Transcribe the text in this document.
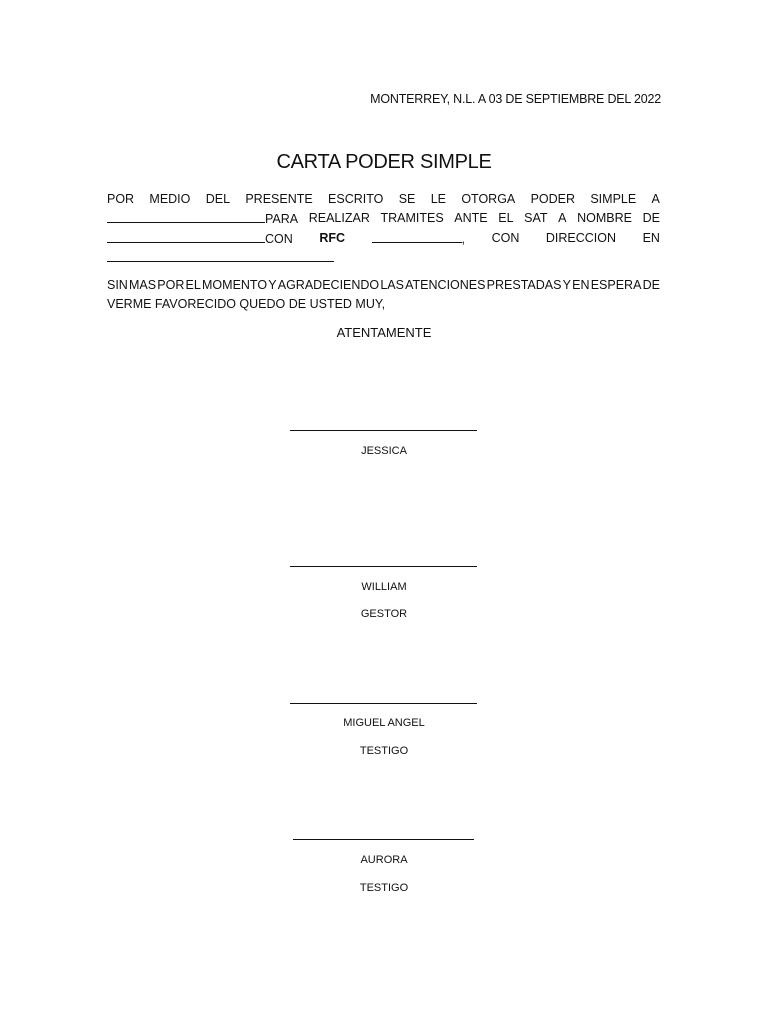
MONTERREY, N.L. A 03 DE SEPTIEMBRE DEL 2022
CARTA PODER SIMPLE
POR MEDIO DEL PRESENTE ESCRITO SE LE OTORGA PODER SIMPLE A
PARA REALIZAR TRAMITES ANTE EL SAT A NOMBRE DE
CON RFC	, CON DIRECCION EN
SIN MAS POR EL MOMENTO Y AGRADECIENDO LAS ATENCIONES PRESTADAS Y EN ESPERA DE
VERME FAVORECIDO QUEDO DE USTED MUY,
ATENTAMENTE
JESSICA
WILLIAM
GESTOR
MIGUEL ANGEL
TESTIGO
AURORA
TESTIGO
